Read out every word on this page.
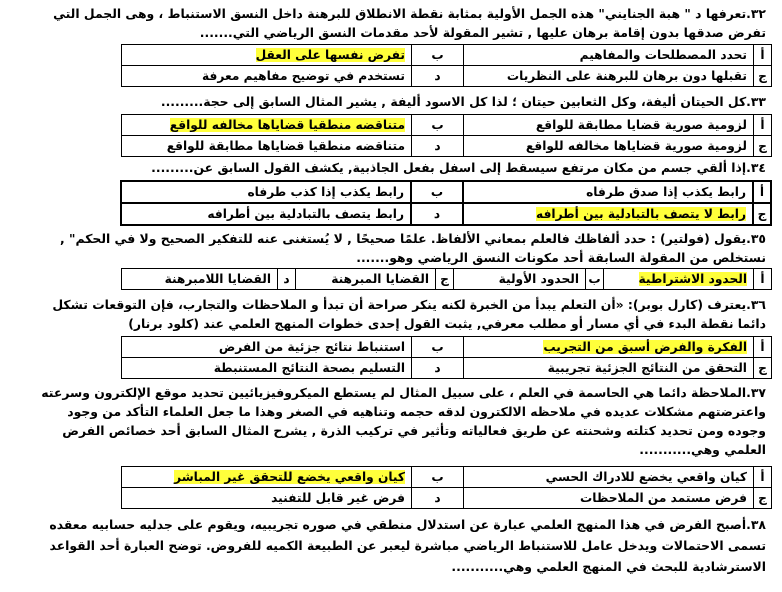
٣٢.تعرفها د " هبة الجنايني" هذه الجمل الأولية بمثابة نقطة الانطلاق للبرهنة داخل النسق الاستنباط ، وهى الجمل التي
تفرض صدقها بدون إقامة برهان عليها , تشير المقولة لأحد مقدمات النسق الرياضي التي.......
أ	تحدد المصطلحات والمفاهيم	ب	تفرض نفسها على العقل
ج	تقبلها دون برهان للبرهنة على النظريات	د	تستخدم في توضيح مفاهيم معرفة
٣٣.كل الحيتان أليفة، وكل الثعابين حيتان ؛ لذا كل الاسود أليفة , يشير المثال السابق إلى حجة.........
أ	لزومية صورية قضايا مطابقة للواقع	ب	متناقضه منطقيا قضاياها مخالفه للواقع
ج	لزومية صورية قضاياها مخالفه للواقع	د	متناقضه منطقيا قضاياها مطابقة للواقع
٣٤.إذا ألقي جسم من مكان مرتفع سيسقط إلى اسفل بفعل الجاذبية, يكشف القول السابق عن.........
أ	رابط يكذب إذا صدق طرفاه	ب	رابط يكذب إذا كذب طرفاه
ج	رابط لا يتصف بالتبادلية بين أطرافه	د	رابط يتصف بالتبادلية بين أطرافه
٣٥.يقول (فولتير) : حدد ألفاظك فالعلم بمعاني الألفاظ. علمًا صحيحًا , لا يُستغنى عنه للتفكير الصحيح ولا في الحكم" ,
نستخلص من المقولة السابقة أحد مكونات النسق الرياضي وهو.......
أ	الحدود الاشتراطية	ب	الحدود الأولية	ج	القضايا المبرهنة	د	القضايا اللامبرهنة
٣٦.يعترف (كارل بوبر): «أن التعلم يبدأ من الخبرة لكنه ينكر صراحة أن تبدأ و الملاحظات والتجارب، فإن التوقعات تشكل
دائما نقطة البدء في أي مسار أو مطلب معرفي, يثبت القول إحدى خطوات المنهج العلمي عند (كلود برنار)
أ	الفكرة والفرض أسبق من التجريب	ب	استنباط نتائج جزئية من الفرض
ج	التحقق من النتائج الجزئية تجريبية	د	التسليم بصحة النتائج المستنبطة
٣٧.الملاحظة دائما هي الحاسمة في العلم ، على سبيل المثال لم يستطع الميكروفيزيائيين تحديد موقع الإلكترون وسرعته
واعترضتهم مشكلات عديده في ملاحظه الالكترون لدقه حجمه وتناهيه في الصغر وهذا ما جعل العلماء التأكد من وجود
وجوده ومن تحديد كتلته وشحنته عن طريق فعالياته وتأثير في تركيب الذرة , يشرح المثال السابق أحد خصائص الفرض
العلمي وهي...........
أ	كيان واقعي يخضع للادراك الحسي	ب	كيان واقعي يخضع للتحقق غير المباشر
ج	فرض مستمد من الملاحظات	د	فرض غير قابل للتفنيد
٣٨.أصبح الفرض في هذا المنهج العلمي عبارة عن استدلال منطقي في صوره تجريبيه، ويقوم على جدليه حسابيه معقده
تسمى الاحتمالات ويدخل عامل للاستنباط الرياضي مباشرة ليعبر عن الطبيعة الكميه للفروض. توضح العبارة أحد القواعد
الاسترشادية للبحث في المنهج العلمي وهي...........
